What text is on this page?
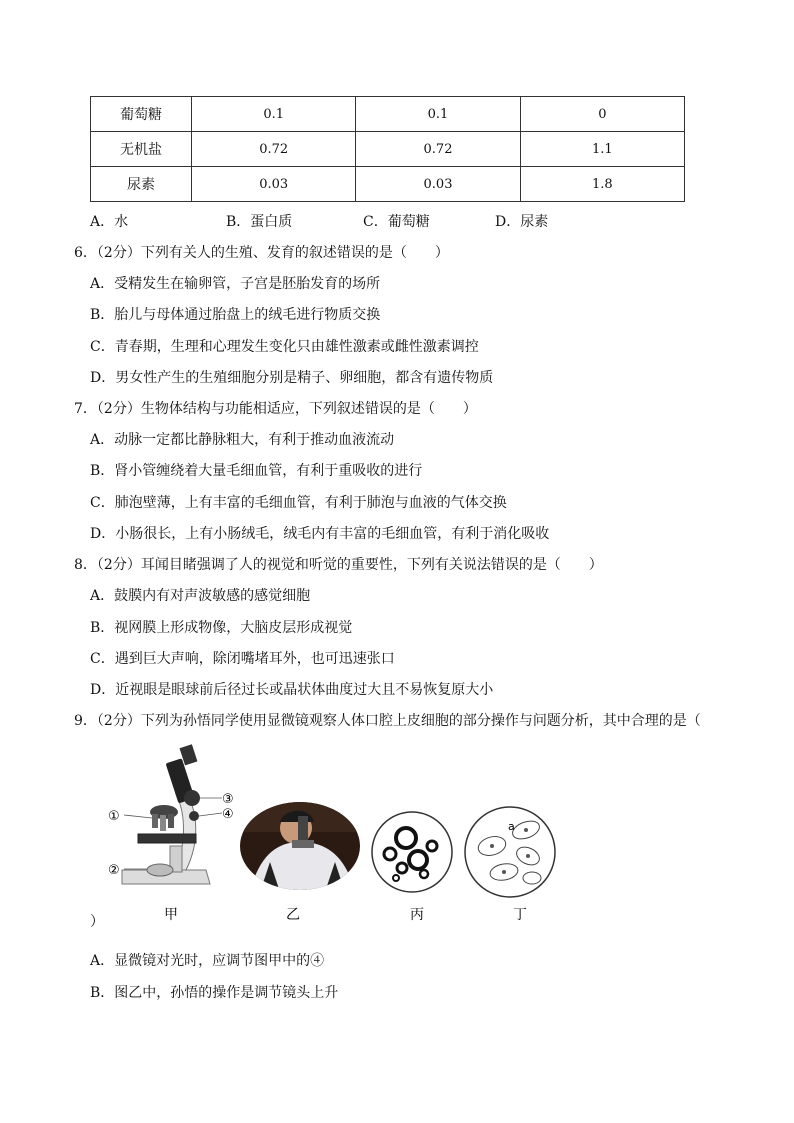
葡萄糖	0.1	0.1	0
无机盐	0.72	0.72	1.1
尿素	0.03	0.03	1.8
A．水	B．蛋白质	C．葡萄糖	D．尿素
6．（2分）下列有关人的生殖、发育的叙述错误的是（　　）
A．受精发生在输卵管，子宫是胚胎发育的场所
B．胎儿与母体通过胎盘上的绒毛进行物质交换
C．青春期，生理和心理发生变化只由雄性激素或雌性激素调控
D．男女性产生的生殖细胞分别是精子、卵细胞，都含有遗传物质
7．（2分）生物体结构与功能相适应，下列叙述错误的是（　　）
A．动脉一定都比静脉粗大，有利于推动血液流动
B．肾小管缠绕着大量毛细血管，有利于重吸收的进行
C．肺泡壁薄，上有丰富的毛细血管，有利于肺泡与血液的气体交换
D．小肠很长，上有小肠绒毛，绒毛内有丰富的毛细血管，有利于消化吸收
8．（2分）耳闻目睹强调了人的视觉和听觉的重要性，下列有关说法错误的是（　　）
A．鼓膜内有对声波敏感的感觉细胞
B．视网膜上形成物像，大脑皮层形成视觉
C．遇到巨大声响，除闭嘴堵耳外，也可迅速张口
D．近视眼是眼球前后径过长或晶状体曲度过大且不易恢复原大小
9．（2分）下列为孙悟同学使用显微镜观察人体口腔上皮细胞的部分操作与问题分析，其中合理的是（
①
②
③
④
a
甲	乙	丙	丁
）
A．显微镜对光时，应调节图甲中的④
B．图乙中，孙悟的操作是调节镜头上升
